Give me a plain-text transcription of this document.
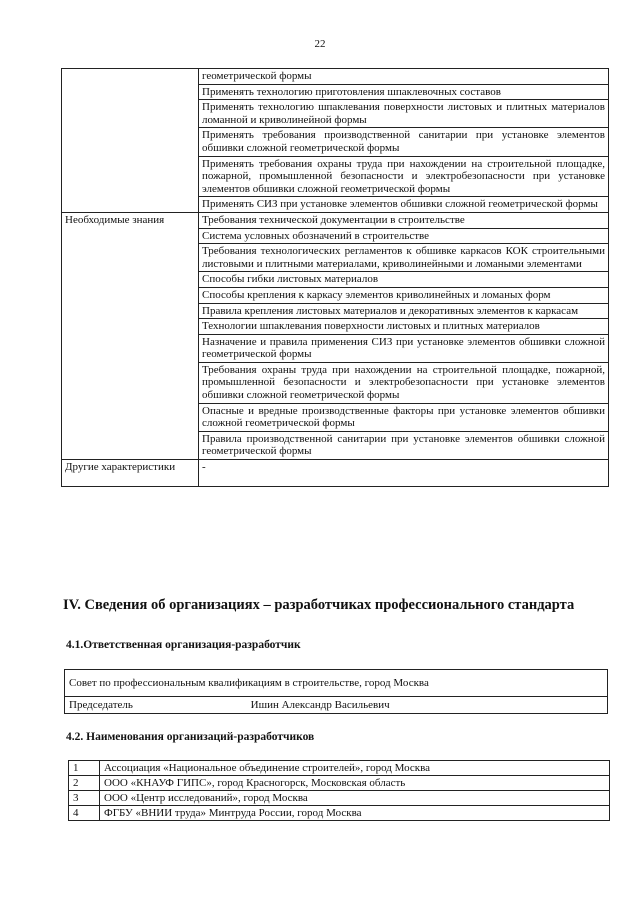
22
	геометрической формы
	Применять технологию приготовления шпаклевочных составов
	Применять технологию шпаклевания поверхности листовых и плитных материалов ломанной и криволинейной формы
	Применять требования производственной санитарии при установке элементов обшивки сложной геометрической формы
	Применять требования охраны труда при нахождении на строительной площадке, пожарной, промышленной безопасности и электробезопасности при установке элементов обшивки сложной геометрической формы
	Применять СИЗ при установке элементов обшивки сложной геометрической формы
Необходимые знания	Требования технической документации в строительстве
	Система условных обозначений в строительстве
	Требования технологических регламентов к обшивке каркасов КОК строительными листовыми и плитными материалами, криволинейными и ломаными элементами
	Способы гибки листовых материалов
	Способы крепления к каркасу элементов криволинейных и ломаных форм
	Правила крепления листовых материалов и декоративных элементов к каркасам
	Технологии шпаклевания поверхности листовых и плитных материалов
	Назначение и правила применения СИЗ при установке элементов обшивки сложной геометрической формы
	Требования охраны труда при нахождении на строительной площадке, пожарной, промышленной безопасности и электробезопасности при установке элементов обшивки сложной геометрической формы
	Опасные и вредные производственные факторы при установке элементов обшивки сложной геометрической формы
	Правила производственной санитарии при установке элементов обшивки сложной геометрической формы
Другие характеристики	-
IV. Сведения об организациях – разработчиках профессионального стандарта
4.1.Ответственная организация-разработчик
Совет по профессиональным квалификациям в строительстве, город Москва
Председатель	Ишин Александр Васильевич
4.2. Наименования организаций-разработчиков
1	Ассоциация «Национальное объединение строителей», город Москва
2	ООО «КНАУФ ГИПС», город Красногорск, Московская область
3	ООО «Центр исследований», город Москва
4	ФГБУ «ВНИИ труда» Минтруда России, город Москва
